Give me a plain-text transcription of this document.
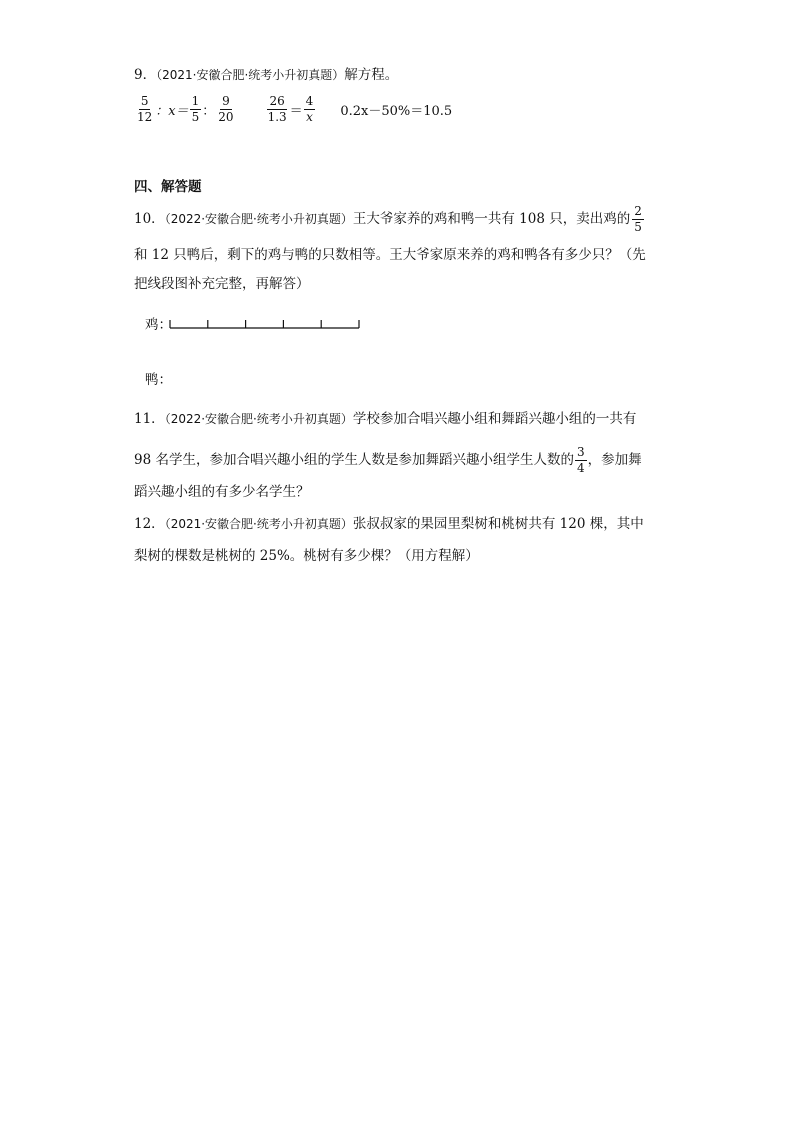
9．（2021·安徽合肥·统考小升初真题）解方程。
$\frac{5}{12}$ ：$x= \frac{1}{5}$ ： $\frac{9}{20}$	$\frac{26}{1.3} = \frac{4}{x} 0.2x-50\%=10.5$
四、解答题
10．（2022·安徽合肥·统考小升初真题）王大爷家养的鸡和鸭一共有 108 只，卖出鸡的 $\frac{2}{5}$
和 12 只鸭后，剩下的鸡与鸭的只数相等。王大爷家原来养的鸡和鸭各有多少只？（先
把线段图补充完整，再解答）
鸡：
鸭：
11．（2022·安徽合肥·统考小升初真题）学校参加合唱兴趣小组和舞蹈兴趣小组的一共有
98 名学生，参加合唱兴趣小组的学生人数是参加舞蹈兴趣小组学生人数的 $\frac{3}{4}$ ，参加舞
蹈兴趣小组的有多少名学生？
12．（2021·安徽合肥·统考小升初真题）张叔叔家的果园里梨树和桃树共有 120 棵，其中
梨树的棵数是桃树的 25%。桃树有多少棵？（用方程解）
